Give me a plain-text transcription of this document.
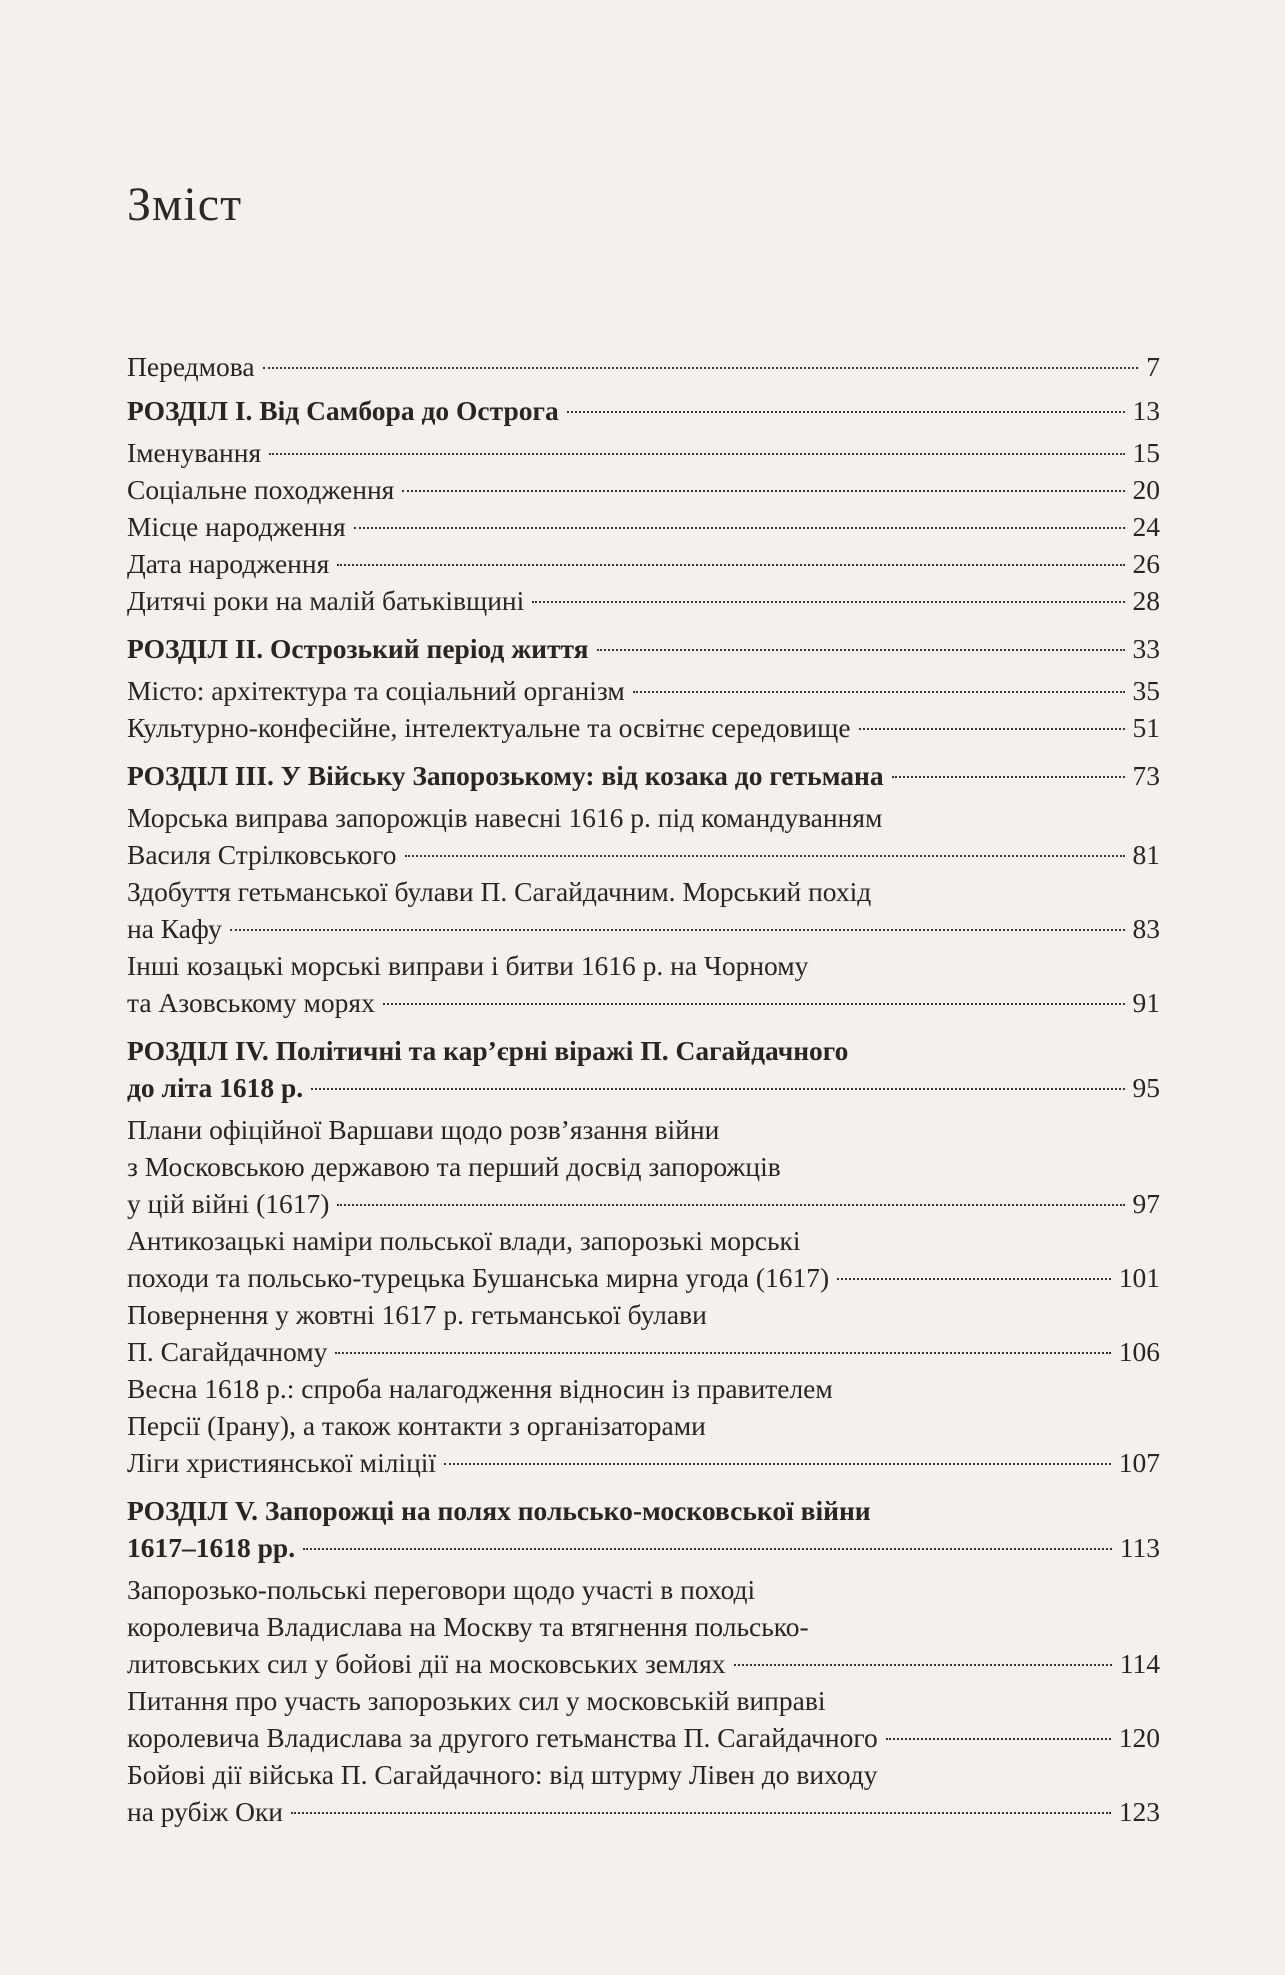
Зміст
Передмова	7
РОЗДІЛ І. Від Самбора до Острога	13
Іменування	15
Соціальне походження	20
Місце народження	24
Дата народження	26
Дитячі роки на малій батьківщині	28
РОЗДІЛ ІІ. Острозький період життя	33
Місто: архітектура та соціальний організм	35
Культурно-конфесійне, інтелектуальне та освітнє середовище	51
РОЗДІЛ ІІІ. У Війську Запорозькому: від козака до гетьмана	73
Морська виправа запорожців навесні 1616 р. під командуванням
Василя Стрілковського	81
Здобуття гетьманської булави П. Сагайдачним. Морський похід
на Кафу	83
Інші козацькі морські виправи і битви 1616 р. на Чорному
та Азовському морях	91
РОЗДІЛ IV. Політичні та кар’єрні віражі П. Сагайдачного
до літа 1618 р.	95
Плани офіційної Варшави щодо розв’язання війни
з Московською державою та перший досвід запорожців
у цій війні (1617)	97
Антикозацькі наміри польської влади, запорозькі морські
походи та польсько-турецька Бушанська мирна угода (1617)	101
Повернення у жовтні 1617 р. гетьманської булави
П. Сагайдачному	106
Весна 1618 р.: спроба налагодження відносин із правителем
Персії (Ірану), а також контакти з організаторами
Ліги християнської міліції	107
РОЗДІЛ V. Запорожці на полях польсько-московської війни
1617–1618 рр.	113
Запорозько-польські переговори щодо участі в поході
королевича Владислава на Москву та втягнення польсько-
литовських сил у бойові дії на московських землях	114
Питання про участь запорозьких сил у московській виправі
королевича Владислава за другого гетьманства П. Сагайдачного	120
Бойові дії війська П. Сагайдачного: від штурму Лівен до виходу
на рубіж Оки	123
